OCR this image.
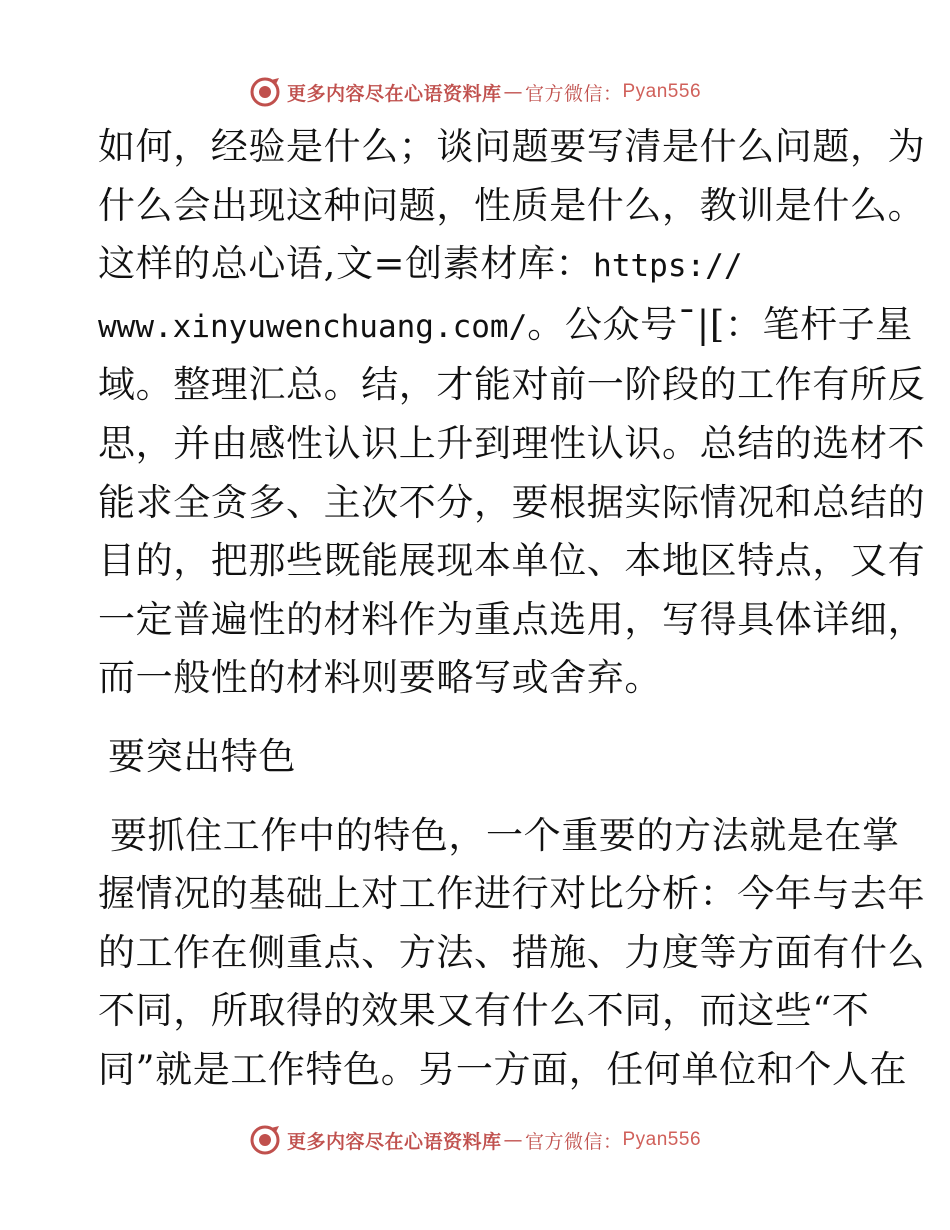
更多内容尽在心语资料库 — 官方微信： Pyan556
如何，经验是什么；谈问题要写清是什么问题，为
什么会出现这种问题，性质是什么，教训是什么。
这样的总心语,文=创素材库：https://
www.xinyuwenchuang.com/。公众号¯|[：笔杆子星
域。整理汇总。结，才能对前一阶段的工作有所反
思，并由感性认识上升到理性认识。总结的选材不
能求全贪多、主次不分，要根据实际情况和总结的
目的，把那些既能展现本单位、本地区特点，又有
一定普遍性的材料作为重点选用，写得具体详细，
而一般性的材料则要略写或舍弃。
要突出特色
要抓住工作中的特色，一个重要的方法就是在掌
握情况的基础上对工作进行对比分析：今年与去年
的工作在侧重点、方法、措施、力度等方面有什么
不同，所取得的效果又有什么不同，而这些“不
同”就是工作特色。另一方面，任何单位和个人在
更多内容尽在心语资料库 — 官方微信： Pyan556
